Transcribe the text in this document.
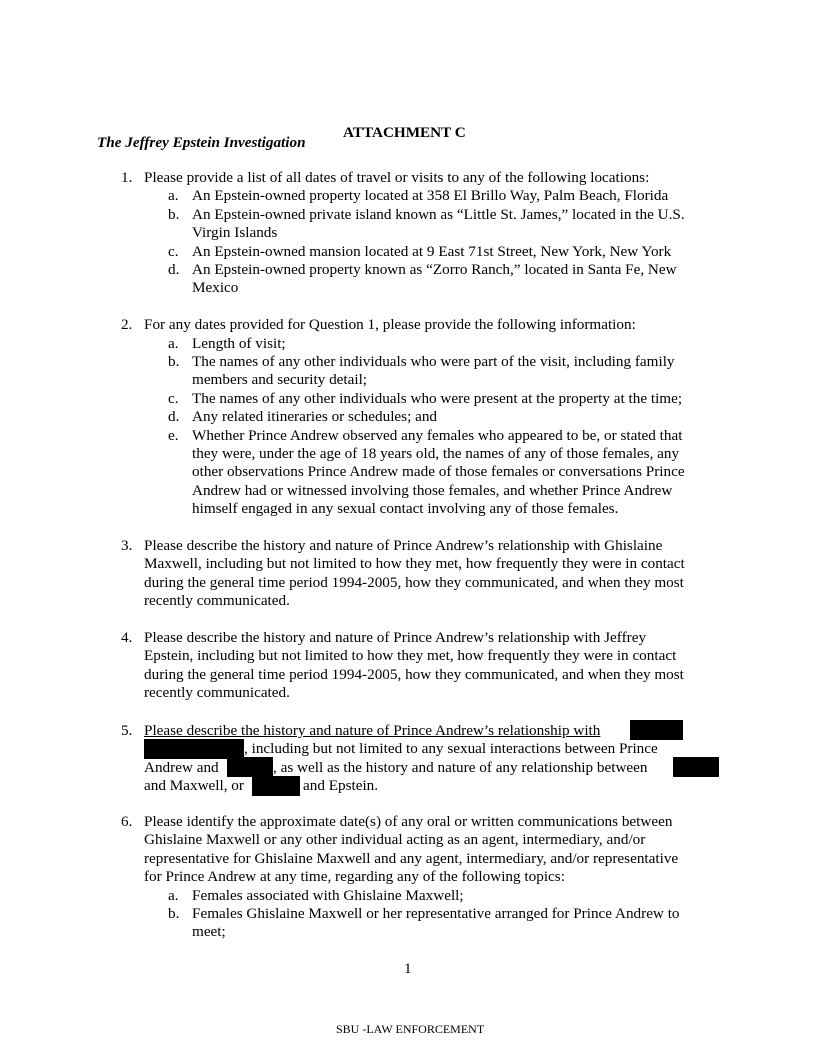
ATTACHMENT C
The Jeffrey Epstein Investigation
1. Please provide a list of all dates of travel or visits to any of the following locations:
a. An Epstein-owned property located at 358 El Brillo Way, Palm Beach, Florida
b. An Epstein-owned private island known as “Little St. James,” located in the U.S.
Virgin Islands
c. An Epstein-owned mansion located at 9 East 71st Street, New York, New York
d. An Epstein-owned property known as “Zorro Ranch,” located in Santa Fe, New
Mexico
2. For any dates provided for Question 1, please provide the following information:
a. Length of visit;
b. The names of any other individuals who were part of the visit, including family
members and security detail;
c. The names of any other individuals who were present at the property at the time;
d. Any related itineraries or schedules; and
e. Whether Prince Andrew observed any females who appeared to be, or stated that
they were, under the age of 18 years old, the names of any of those females, any
other observations Prince Andrew made of those females or conversations Prince
Andrew had or witnessed involving those females, and whether Prince Andrew
himself engaged in any sexual contact involving any of those females.
3. Please describe the history and nature of Prince Andrew’s relationship with Ghislaine
Maxwell, including but not limited to how they met, how frequently they were in contact
during the general time period 1994-2005, how they communicated, and when they most
recently communicated.
4. Please describe the history and nature of Prince Andrew’s relationship with Jeffrey
Epstein, including but not limited to how they met, how frequently they were in contact
during the general time period 1994-2005, how they communicated, and when they most
recently communicated.
5. Please describe the history and nature of Prince Andrew’s relationship with
, including but not limited to any sexual interactions between Prince
Andrew and	, as well as the history and nature of any relationship between
and Maxwell, or	and Epstein.
6. Please identify the approximate date(s) of any oral or written communications between
Ghislaine Maxwell or any other individual acting as an agent, intermediary, and/or
representative for Ghislaine Maxwell and any agent, intermediary, and/or representative
for Prince Andrew at any time, regarding any of the following topics:
a. Females associated with Ghislaine Maxwell;
b. Females Ghislaine Maxwell or her representative arranged for Prince Andrew to
meet;
1
SBU -LAW ENFORCEMENT
